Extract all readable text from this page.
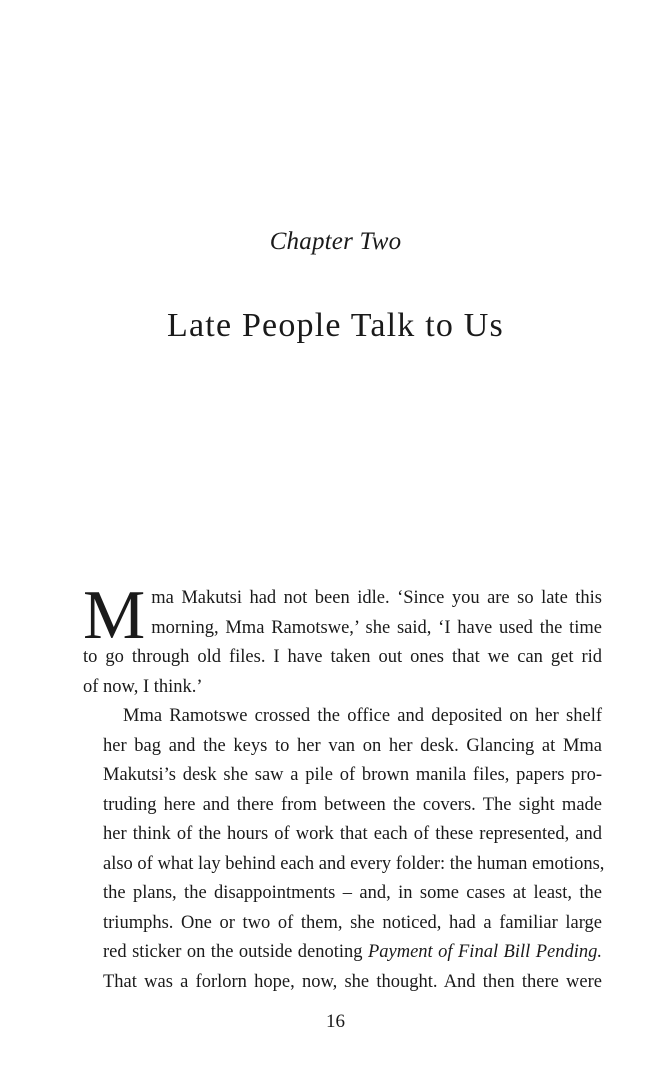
Chapter Two
Late People Talk to Us
M ma Makutsi had not been idle. ‘Since you are so late this
morning, Mma Ramotswe,’ she said, ‘I have used the time
to go through old files. I have taken out ones that we can get rid
of now, I think.’
Mma Ramotswe crossed the office and deposited on her shelf
her bag and the keys to her van on her desk. Glancing at Mma
Makutsi’s desk she saw a pile of brown manila files, papers pro-
truding here and there from between the covers. The sight made
her think of the hours of work that each of these represented, and
also of what lay behind each and every folder: the human emotions,
the plans, the disappointments – and, in some cases at least, the
triumphs. One or two of them, she noticed, had a familiar large
red sticker on the outside denoting Payment of Final Bill Pending.
That was a forlorn hope, now, she thought. And then there were
16
